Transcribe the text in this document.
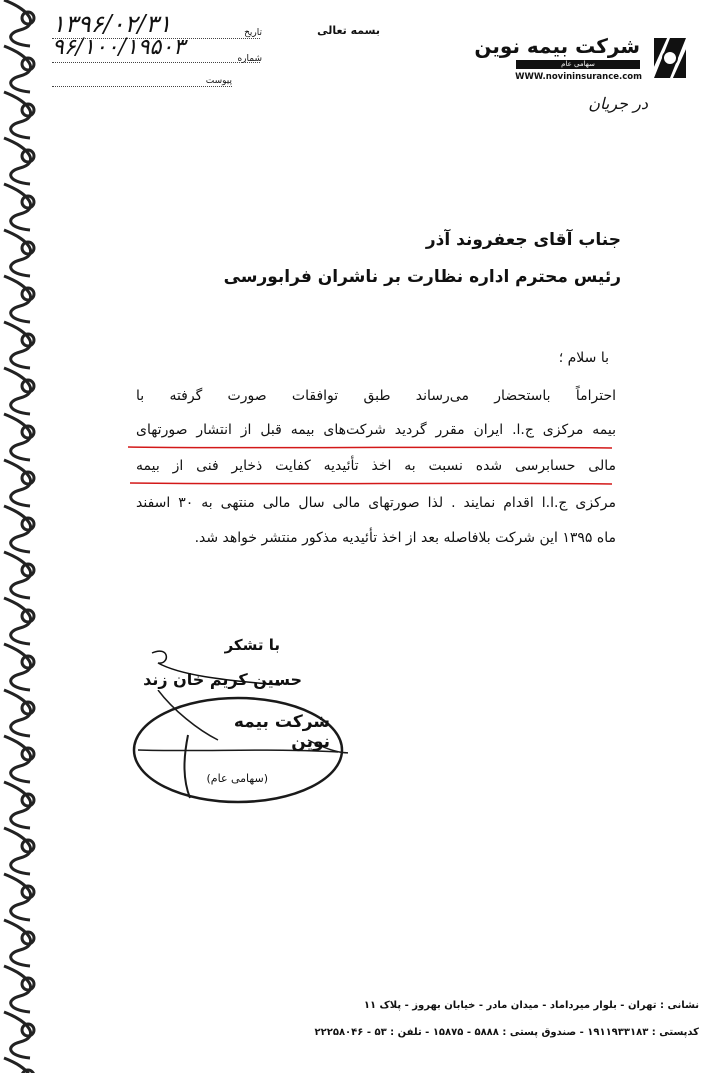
بسمه تعالی
تاریخ
۱۳۹۶/۰۲/۳۱
شماره
۹۶/۱۰۰/۱۹۵۰۳
پیوست
شرکت بیمه نوین
سهامی عام
WWW.novininsurance.com
در جریان
جناب آقای جعفروند آذر
رئیس محترم اداره نظارت بر ناشران فرابورسی
با سلام ؛
احتراماً باستحضار می‌رساند طبق توافقات صورت گرفته با
بیمه مرکزی ج.ا. ایران مقرر گردید شرکت‌های بیمه قبل از انتشار صورتهای
مالی حسابرسی شده نسبت به اخذ تأئیدیه کفایت ذخایر فنی از بیمه
مرکزی ج.ا.ا اقدام نمایند . لذا صورتهای مالی سال مالی منتهی به ۳۰ اسفند
ماه ۱۳۹۵ این شرکت بلافاصله بعد از اخذ تأئیدیه مذکور منتشر خواهد شد.
با تشکر
حسین کریم خان زند
شرکت بیمه نوین
(سهامی عام)
نشانی : تهران - بلوار میرداماد - میدان مادر - خیابان بهروز - پلاک ۱۱
کدپستی : ۱۹۱۱۹۳۳۱۸۳ - صندوق پستی : ۵۸۸۸ - ۱۵۸۷۵ - تلفن : ۵۳ - ۲۲۲۵۸۰۴۶
